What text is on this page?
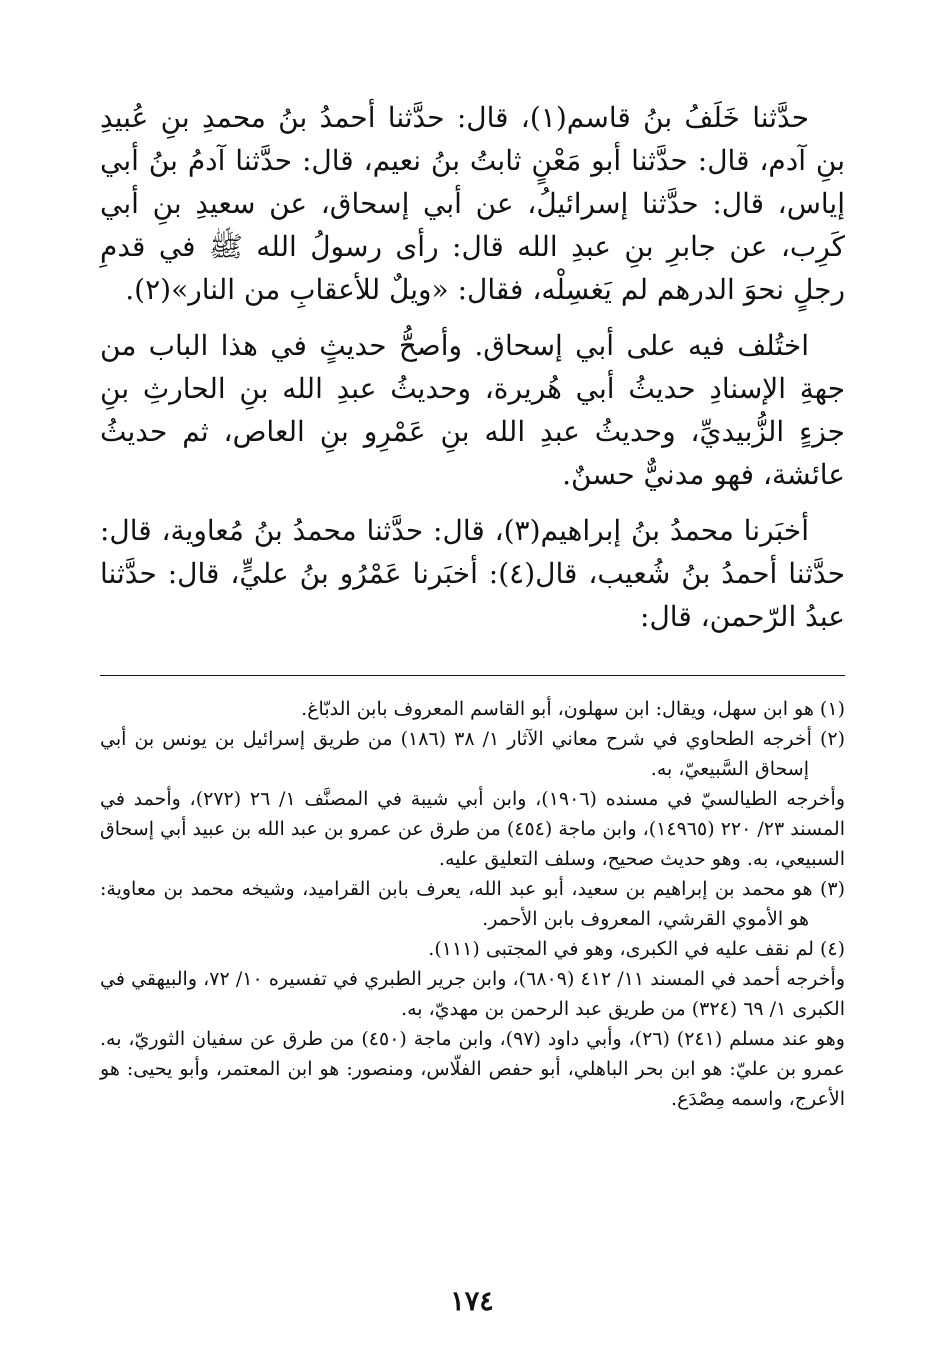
حدَّثنا خَلَفُ بنُ قاسم(١)، قال: حدَّثنا أحمدُ بنُ محمدِ بنِ عُبيدِ بنِ آدم، قال: حدَّثنا أبو مَعْنٍ ثابتُ بنُ نعيم، قال: حدَّثنا آدمُ بنُ أبي إياس، قال: حدَّثنا إسرائيلُ، عن أبي إسحاق، عن سعيدِ بنِ أبي كَرِب، عن جابرِ بنِ عبدِ الله قال: رأى رسولُ الله ﷺ في قدمِ رجلٍ نحوَ الدرهم لم يَغسِلْه، فقال: «ويلٌ للأعقابِ من النار»(٢).

اختُلف فيه على أبي إسحاق. وأصحُّ حديثٍ في هذا الباب من جهةِ الإسنادِ حديثُ أبي هُريرة، وحديثُ عبدِ الله بنِ الحارثِ بنِ جزءٍ الزُّبيديِّ، وحديثُ عبدِ الله بنِ عَمْرِو بنِ العاص، ثم حديثُ عائشة، فهو مدنيٌّ حسنٌ.

أخبَرنا محمدُ بنُ إبراهيم(٣)، قال: حدَّثنا محمدُ بنُ مُعاوية، قال: حدَّثنا أحمدُ بنُ شُعيب، قال(٤): أخبَرنا عَمْرُو بنُ عليٍّ، قال: حدَّثنا عبدُ الرّحمن، قال:

(١) هو ابن سهل، ويقال: ابن سهلون، أبو القاسم المعروف بابن الدبّاغ.

(٢) أخرجه الطحاوي في شرح معاني الآثار ١/ ٣٨ (١٨٦) من طريق إسرائيل بن يونس بن أبي إسحاق السَّبيعيّ، به.

وأخرجه الطيالسيّ في مسنده (١٩٠٦)، وابن أبي شيبة في المصنَّف ١/ ٢٦ (٢٧٢)، وأحمد في المسند ٢٣/ ٢٢٠ (١٤٩٦٥)، وابن ماجة (٤٥٤) من طرق عن عمرو بن عبد الله بن عبيد أبي إسحاق السبيعي، به. وهو حديث صحيح، وسلف التعليق عليه.

(٣) هو محمد بن إبراهيم بن سعيد، أبو عبد الله، يعرف بابن القراميد، وشيخه محمد بن معاوية: هو الأموي القرشي، المعروف بابن الأحمر.

(٤) لم نقف عليه في الكبرى، وهو في المجتبى (١١١).

وأخرجه أحمد في المسند ١١/ ٤١٢ (٦٨٠٩)، وابن جرير الطبري في تفسيره ١٠/ ٧٢، والبيهقي في الكبرى ١/ ٦٩ (٣٢٤) من طريق عبد الرحمن بن مهديّ، به.

وهو عند مسلم (٢٤١) (٢٦)، وأبي داود (٩٧)، وابن ماجة (٤٥٠) من طرق عن سفيان الثوريّ، به. عمرو بن عليّ: هو ابن بحر الباهلي، أبو حفص الفلّاس، ومنصور: هو ابن المعتمر، وأبو يحيى: هو الأعرج، واسمه مِصْدَع.

١٧٤
